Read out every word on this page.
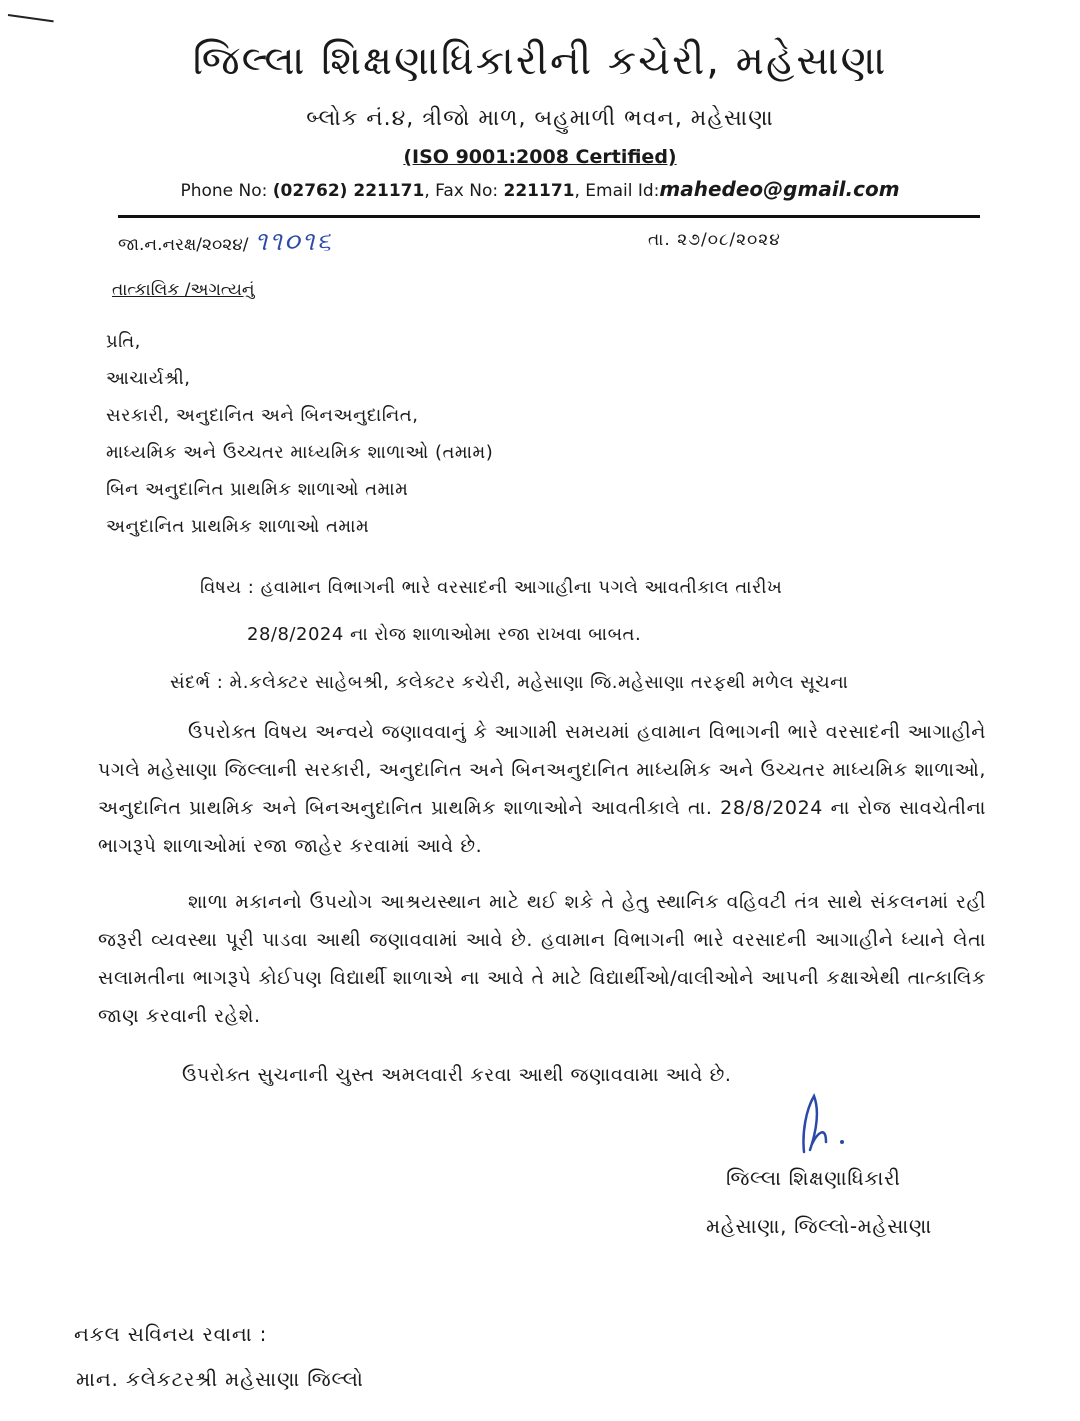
જિલ્લા શિક્ષણાધિકારીની કચેરી, મહેસાણા
બ્લોક નં.૪, ત્રીજો માળ, બહુમાળી ભવન, મહેસાણા
(ISO 9001:2008 Certified)
Phone No: (02762) 221171, Fax No: 221171, Email Id:mahedeo@gmail.com
જા.ન.નરક્ષ/૨૦૨૪/ ૧૧૦૧૬	તા. ૨૭/૦૮/૨૦૨૪
તાત્કાલિક /અગત્યનું
પ્રતિ,
આચાર્યશ્રી,
સરકારી, અનુદાનિત અને બિનઅનુદાનિત,
માધ્યમિક અને ઉચ્ચતર માધ્યમિક શાળાઓ (તમામ)
બિન અનુદાનિત પ્રાથમિક શાળાઓ તમામ
અનુદાનિત પ્રાથમિક શાળાઓ તમામ
વિષય : હવામાન વિભાગની ભારે વરસાદની આગાહીના પગલે આવતીકાલ તારીખ
28/8/2024 ના રોજ શાળાઓમા રજા રાખવા બાબત.
સંદર્ભ : મે.કલેક્ટર સાહેબશ્રી, કલેક્ટર કચેરી, મહેસાણા જિ.મહેસાણા તરફથી મળેલ સૂચના
ઉપરોક્ત વિષય અન્વયે જણાવવાનું કે આગામી સમયમાં હવામાન વિભાગની ભારે વરસાદની આગાહીને પગલે મહેસાણા જિલ્લાની સરકારી, અનુદાનિત અને બિનઅનુદાનિત માધ્યમિક અને ઉચ્ચતર માધ્યમિક શાળાઓ, અનુદાનિત પ્રાથમિક અને બિનઅનુદાનિત પ્રાથમિક શાળાઓને આવતીકાલે તા. 28/8/2024 ના રોજ સાવચેતીના ભાગરૂપે શાળાઓમાં રજા જાહેર કરવામાં આવે છે.
શાળા મકાનનો ઉપયોગ આશ્રયસ્થાન માટે થઈ શકે તે હેતુ સ્થાનિક વહિવટી તંત્ર સાથે સંકલનમાં રહી જરૂરી વ્યવસ્થા પૂરી પાડવા આથી જણાવવામાં આવે છે. હવામાન વિભાગની ભારે વરસાદની આગાહીને ધ્યાને લેતા સલામતીના ભાગરૂપે કોઈપણ વિદ્યાર્થી શાળાએ ના આવે તે માટે વિદ્યાર્થીઓ/વાલીઓને આપની કક્ષાએથી તાત્કાલિક જાણ કરવાની રહેશે.
ઉપરોક્ત સુચનાની ચુસ્ત અમલવારી કરવા આથી જણાવવામા આવે છે.
જિલ્લા શિક્ષણાધિકારી
મહેસાણા, જિલ્લો-મહેસાણા
નકલ સવિનય રવાના :
માન. કલેકટરશ્રી મહેસાણા જિલ્લો
